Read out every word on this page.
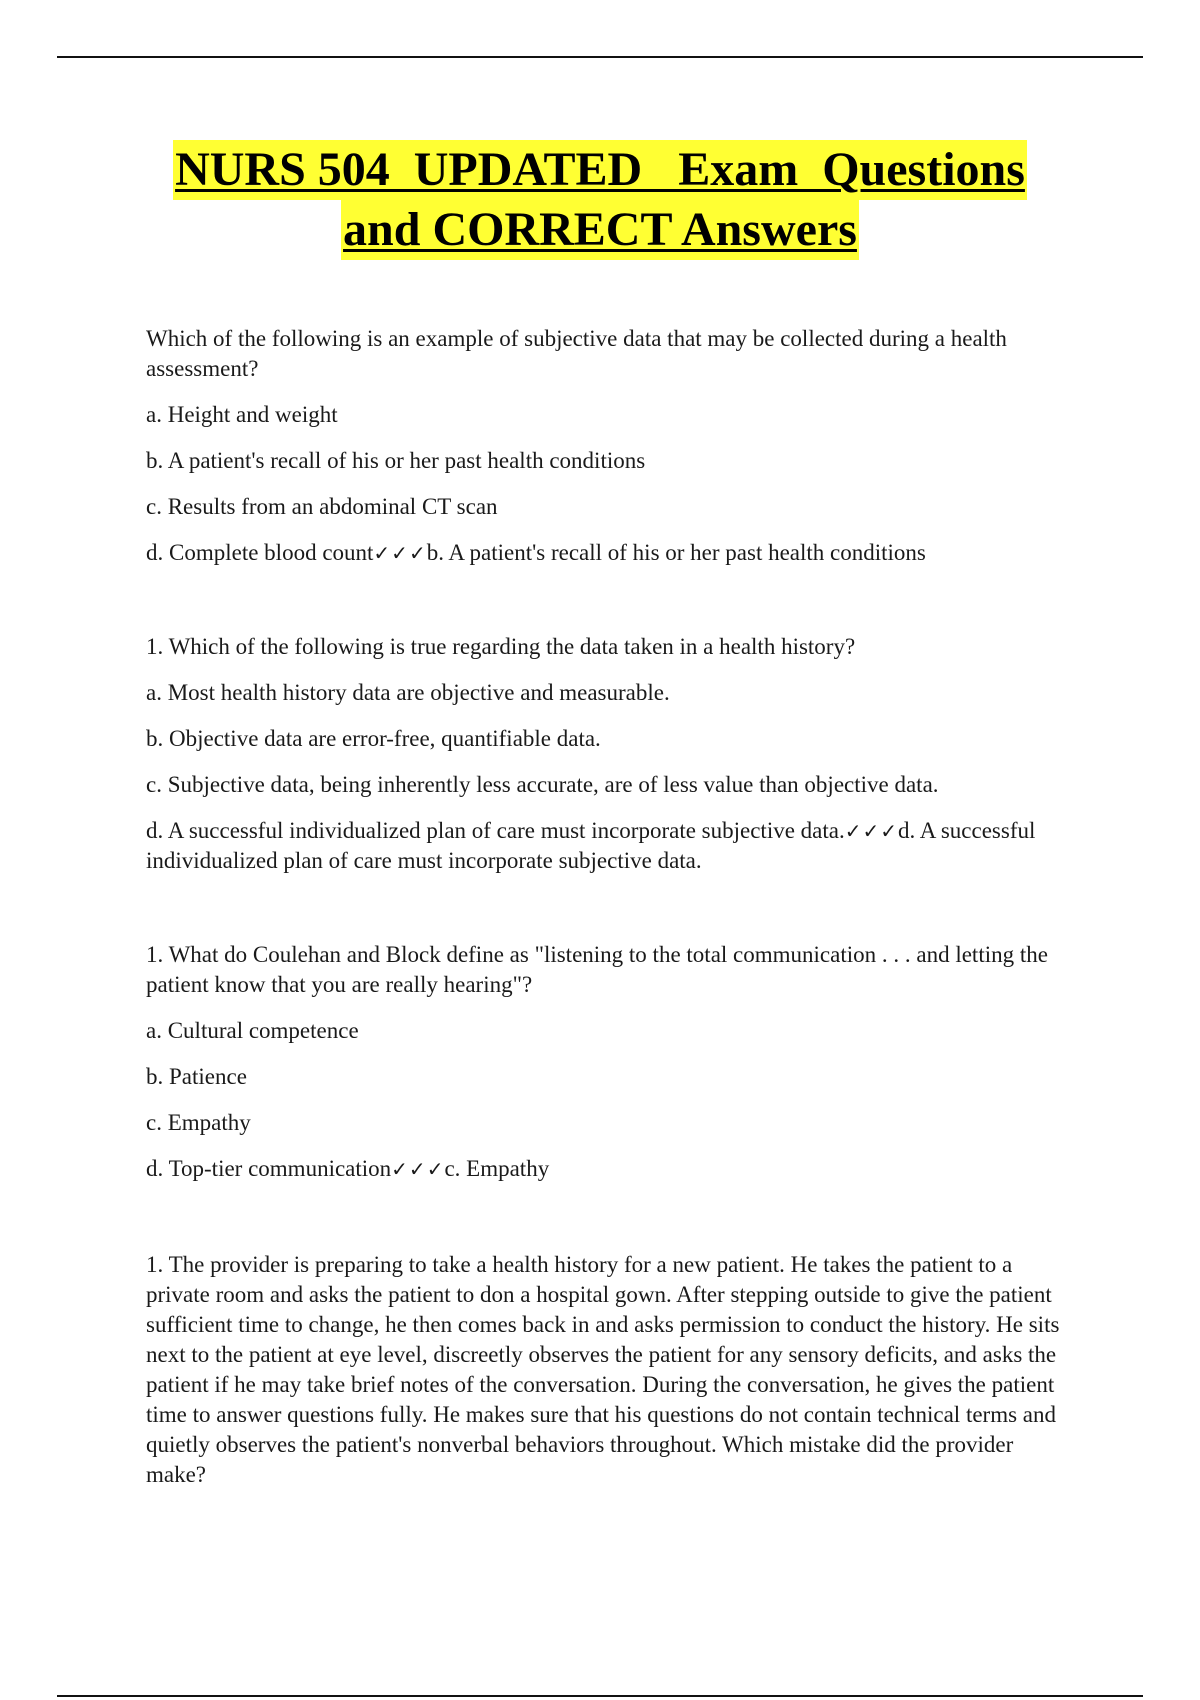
NURS 504  UPDATED   Exam  Questions
and CORRECT Answers

Which of the following is an example of subjective data that may be collected during a health assessment?

a. Height and weight

b. A patient's recall of his or her past health conditions

c. Results from an abdominal CT scan

d. Complete blood count✓✓✓b. A patient's recall of his or her past health conditions

1. Which of the following is true regarding the data taken in a health history?

a. Most health history data are objective and measurable.

b. Objective data are error-free, quantifiable data.

c. Subjective data, being inherently less accurate, are of less value than objective data.

d. A successful individualized plan of care must incorporate subjective data.✓✓✓d. A successful individualized plan of care must incorporate subjective data.

1. What do Coulehan and Block define as "listening to the total communication . . . and letting the patient know that you are really hearing"?

a. Cultural competence

b. Patience

c. Empathy

d. Top-tier communication✓✓✓c. Empathy

1. The provider is preparing to take a health history for a new patient. He takes the patient to a private room and asks the patient to don a hospital gown. After stepping outside to give the patient sufficient time to change, he then comes back in and asks permission to conduct the history. He sits next to the patient at eye level, discreetly observes the patient for any sensory deficits, and asks the patient if he may take brief notes of the conversation. During the conversation, he gives the patient time to answer questions fully. He makes sure that his questions do not contain technical terms and quietly observes the patient's nonverbal behaviors throughout. Which mistake did the provider make?
